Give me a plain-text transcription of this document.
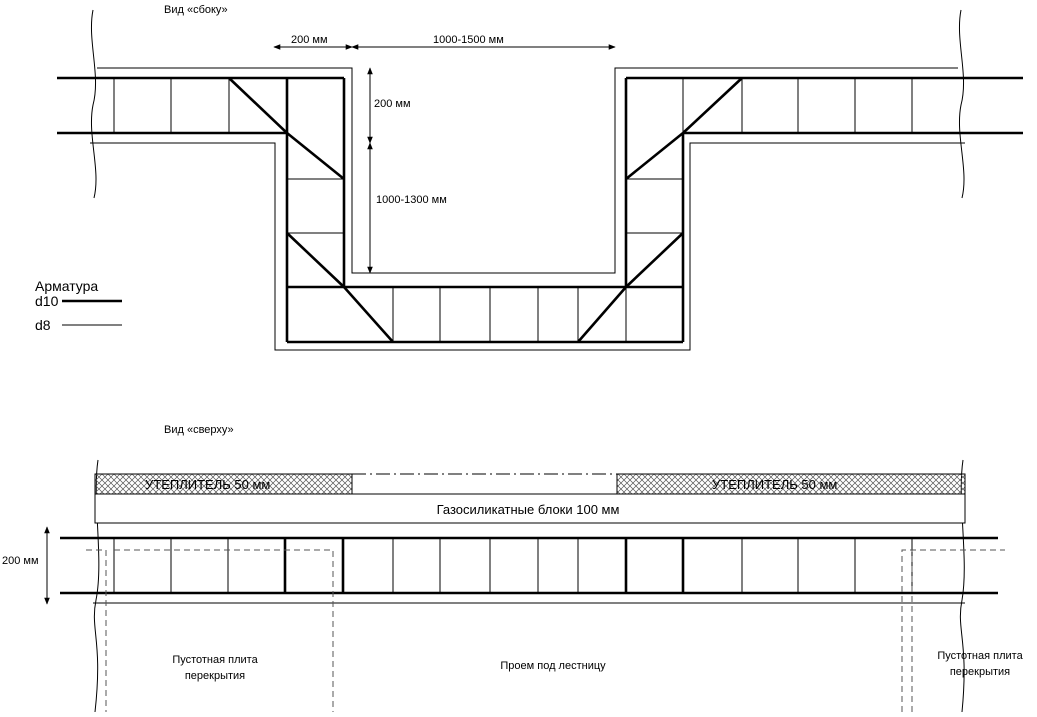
Вид «сбоку»
200 мм	1000-1500 мм
200 мм
1000-1300 мм
Арматура
d10
d8
Вид «сверху»
УТЕПЛИТЕЛЬ 50 мм	УТЕПЛИТЕЛЬ 50 мм
Газосиликатные блоки 100 мм
200 мм
Пустотная плита
перекрытия
Проем под лестницу
Пустотная плита
перекрытия
